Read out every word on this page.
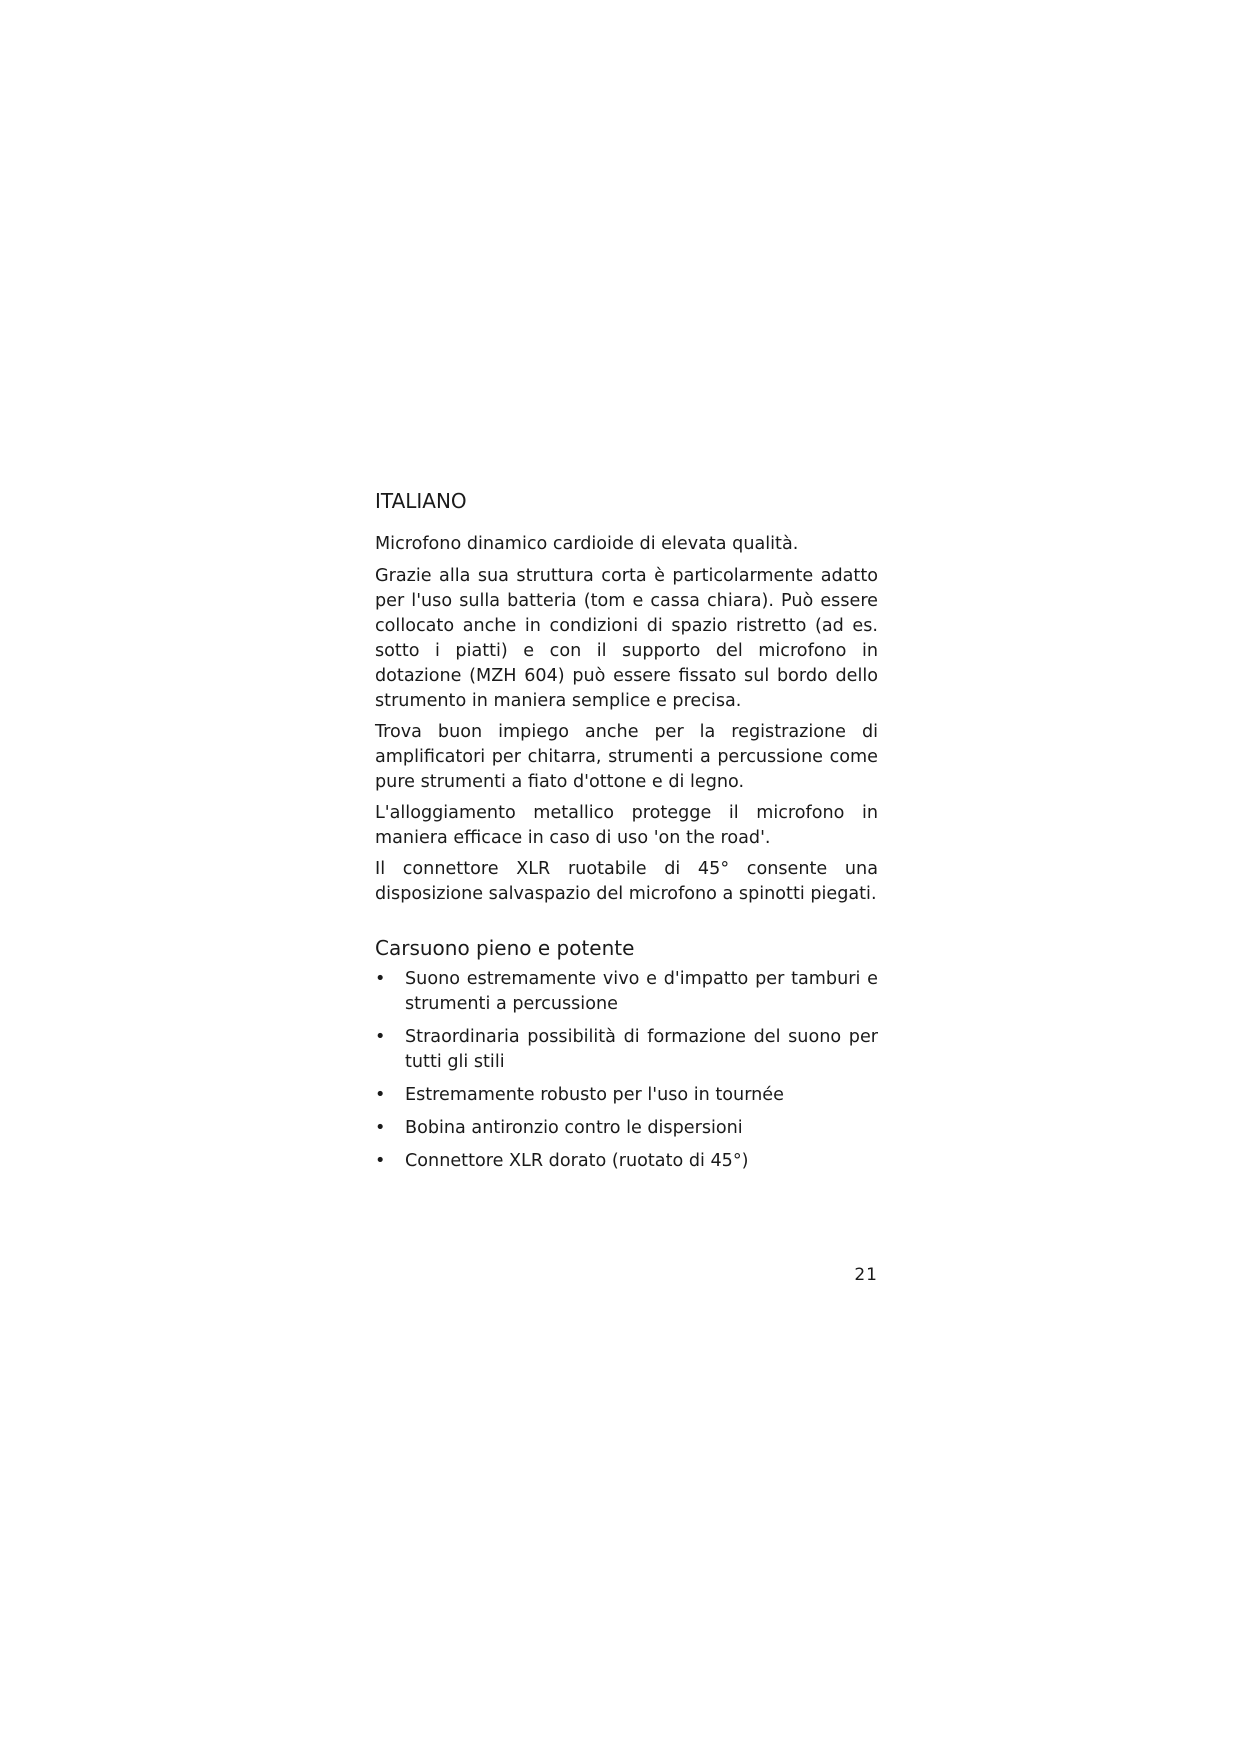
ITALIANO

Microfono dinamico cardioide di elevata qualità.

Grazie alla sua struttura corta è particolarmente adatto per l'uso sulla batteria (tom e cassa chiara). Può essere collocato anche in condizioni di spazio ristretto (ad es. sotto i piatti) e con il supporto del microfono in dotazione (MZH 604) può essere fissato sul bordo dello strumento in maniera semplice e precisa.

Trova buon impiego anche per la registrazione di amplificatori per chitarra, strumenti a percussione come pure strumenti a fiato d'ottone e di legno.

L'alloggiamento metallico protegge il microfono in maniera efficace in caso di uso 'on the road'.

Il connettore XLR ruotabile di 45° consente una disposizione salvaspazio del microfono a spinotti piegati.

Carsuono pieno e potente
•	Suono estremamente vivo e d'impatto per tamburi e strumenti a percussione
•	Straordinaria possibilità di formazione del suono per tutti gli stili
•	Estremamente robusto per l'uso in tournée
•	Bobina antironzio contro le dispersioni
•	Connettore XLR dorato (ruotato di 45°)
21
